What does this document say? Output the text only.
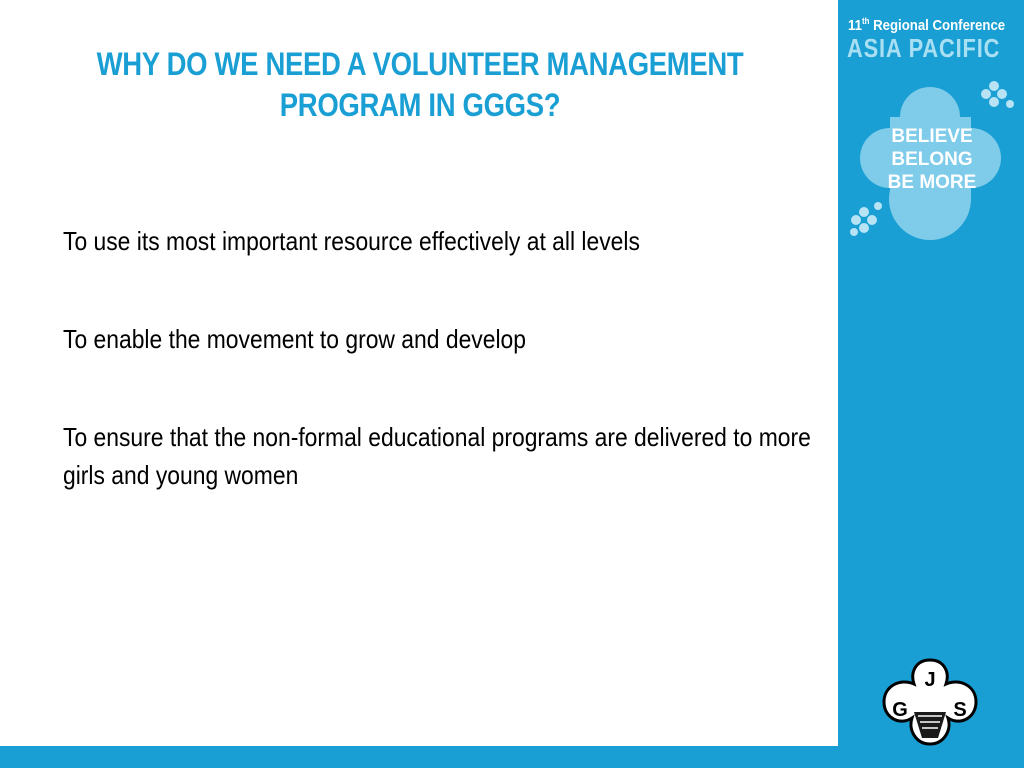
WHY DO WE NEED A VOLUNTEER MANAGEMENT
PROGRAM IN GGGS?
To use its most important resource effectively at all levels
To enable the movement to grow and develop
To ensure that the non-formal educational programs are delivered to more girls and young women
11th Regional Conference
ASIA PACIFIC
BELIEVE
BELONG
BE MORE
J
G S
